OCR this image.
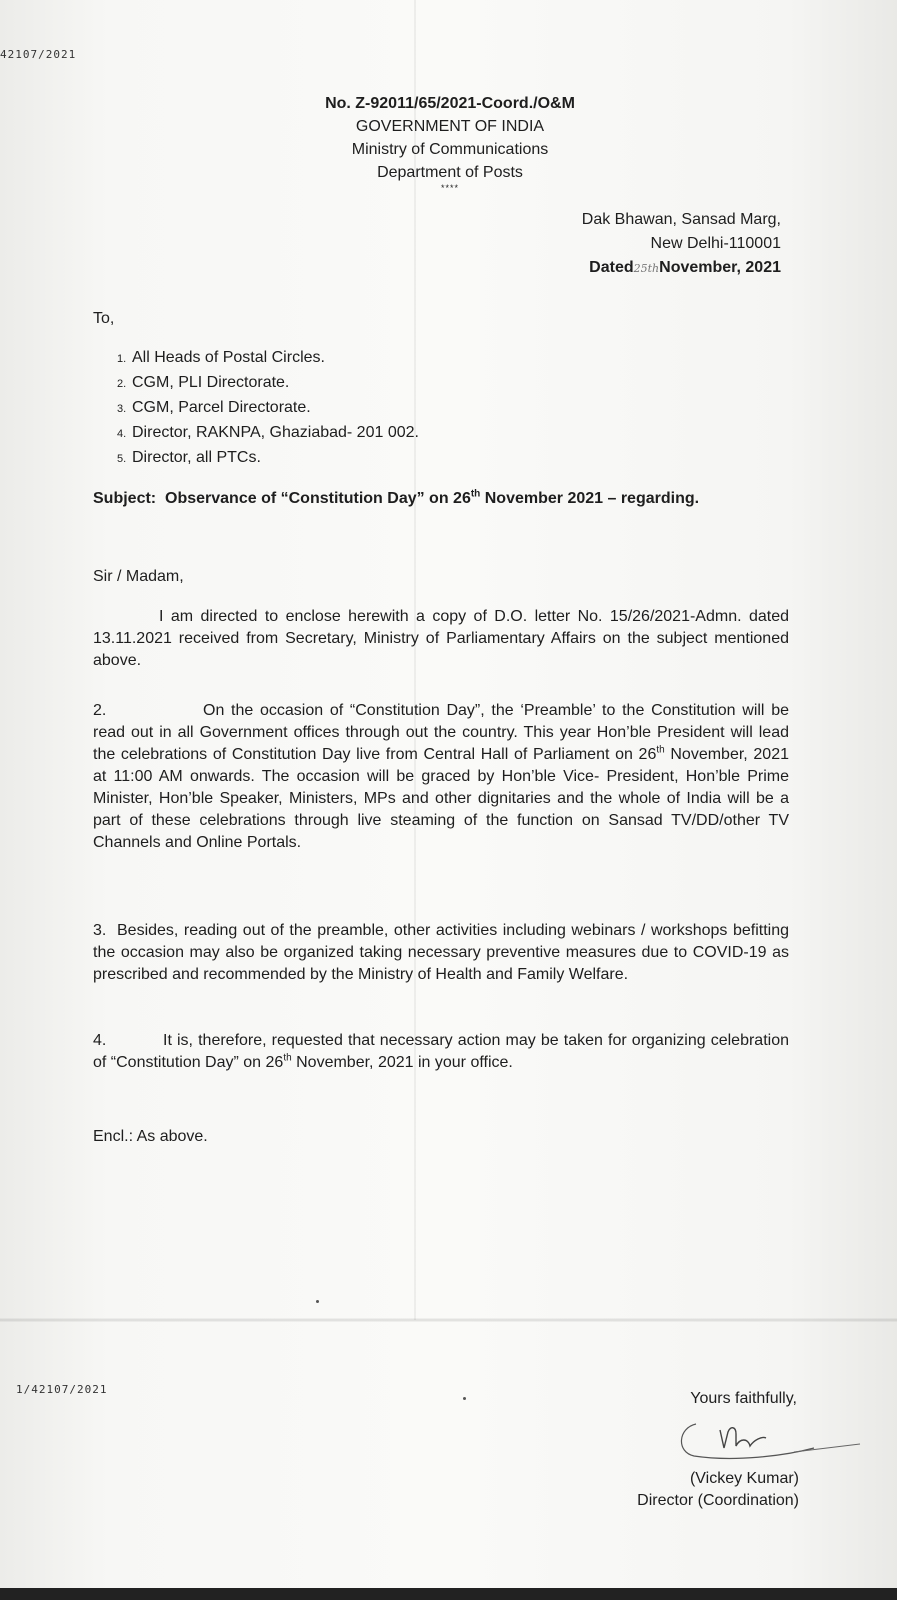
42107/2021

No. Z-92011/65/2021-Coord./O&M
GOVERNMENT OF INDIA
Ministry of Communications
Department of Posts
****
Dak Bhawan, Sansad Marg,
New Delhi-110001
Dated25thNovember, 2021

To,

1. All Heads of Postal Circles.
2. CGM, PLI Directorate.
3. CGM, Parcel Directorate.
4. Director, RAKNPA, Ghaziabad- 201 002.
5. Director, all PTCs.
Subject: Observance of “Constitution Day” on 26th November 2021 – regarding.

Sir / Madam,

I am directed to enclose herewith a copy of D.O. letter No. 15/26/2021-Admn. dated 13.11.2021 received from Secretary, Ministry of Parliamentary Affairs on the subject mentioned above.
2.	On the occasion of “Constitution Day”, the ‘Preamble’ to the Constitution will be read out in all Government offices through out the country. This year Hon’ble President will lead the celebrations of Constitution Day live from Central Hall of Parliament on 26th November, 2021 at 11:00 AM onwards. The occasion will be graced by Hon’ble Vice- President, Hon’ble Prime Minister, Hon’ble Speaker, Ministers, MPs and other dignitaries and the whole of India will be a part of these celebrations through live steaming of the function on Sansad TV/DD/other TV Channels and Online Portals.
3. Besides, reading out of the preamble, other activities including webinars / workshops befitting the occasion may also be organized taking necessary preventive measures due to COVID-19 as prescribed and recommended by the Ministry of Health and Family Welfare.
4.	It is, therefore, requested that necessary action may be taken for organizing celebration of “Constitution Day” on 26th November, 2021 in your office.

Encl.: As above.

1/42107/2021

Yours faithfully,
(Vickey Kumar)
Director (Coordination)
